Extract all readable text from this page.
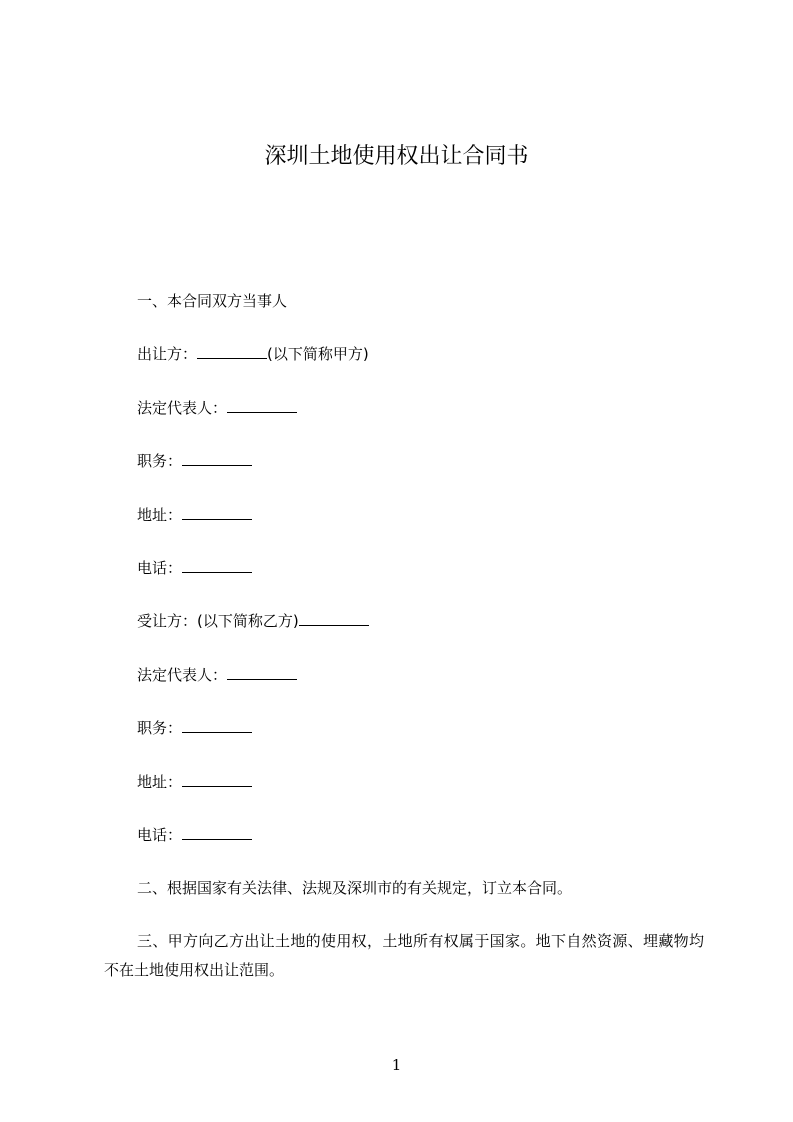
深圳土地使用权出让合同书
一、本合同双方当事人
出让方：	(以下简称甲方)
法定代表人：
职务：
地址：
电话：
受让方：(以下简称乙方)
法定代表人：
职务：
地址：
电话：
二、根据国家有关法律、法规及深圳市的有关规定，订立本合同。
三、甲方向乙方出让土地的使用权，土地所有权属于国家。地下自然资源、埋藏物均不在土地使用权出让范围。
1
